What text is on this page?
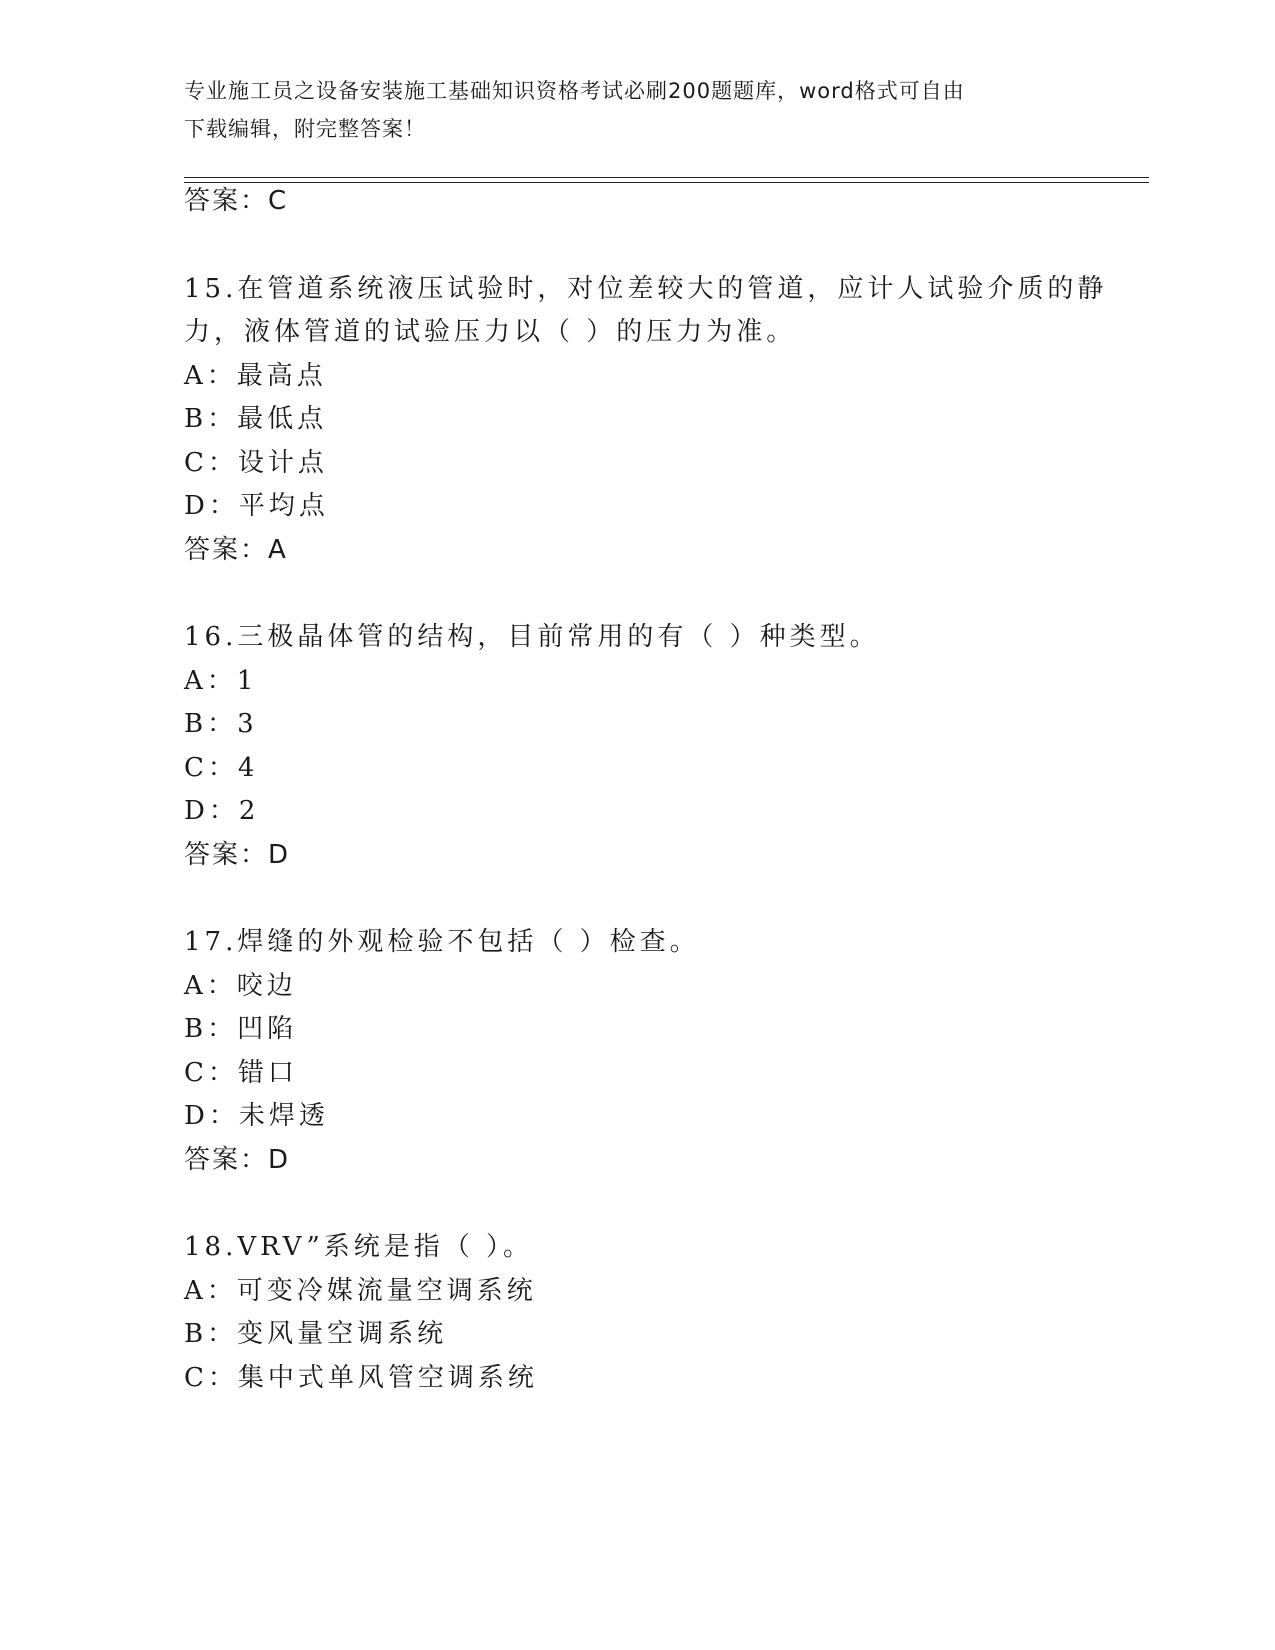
专业施工员之设备安装施工基础知识资格考试必刷200题题库，word格式可自由
下载编辑，附完整答案！
答案：C
15.在管道系统液压试验时，对位差较大的管道，应计人试验介质的静
力，液体管道的试验压力以（ ）的压力为准。
A：最高点
B：最低点
C：设计点
D：平均点
答案：A
16.三极晶体管的结构，目前常用的有（ ）种类型。
A：1
B：3
C：4
D：2
答案：D
17.焊缝的外观检验不包括（ ）检查。
A：咬边
B：凹陷
C：错口
D：未焊透
答案：D
18.VRV”系统是指（ ）。
A：可变冷媒流量空调系统
B：变风量空调系统
C：集中式单风管空调系统
